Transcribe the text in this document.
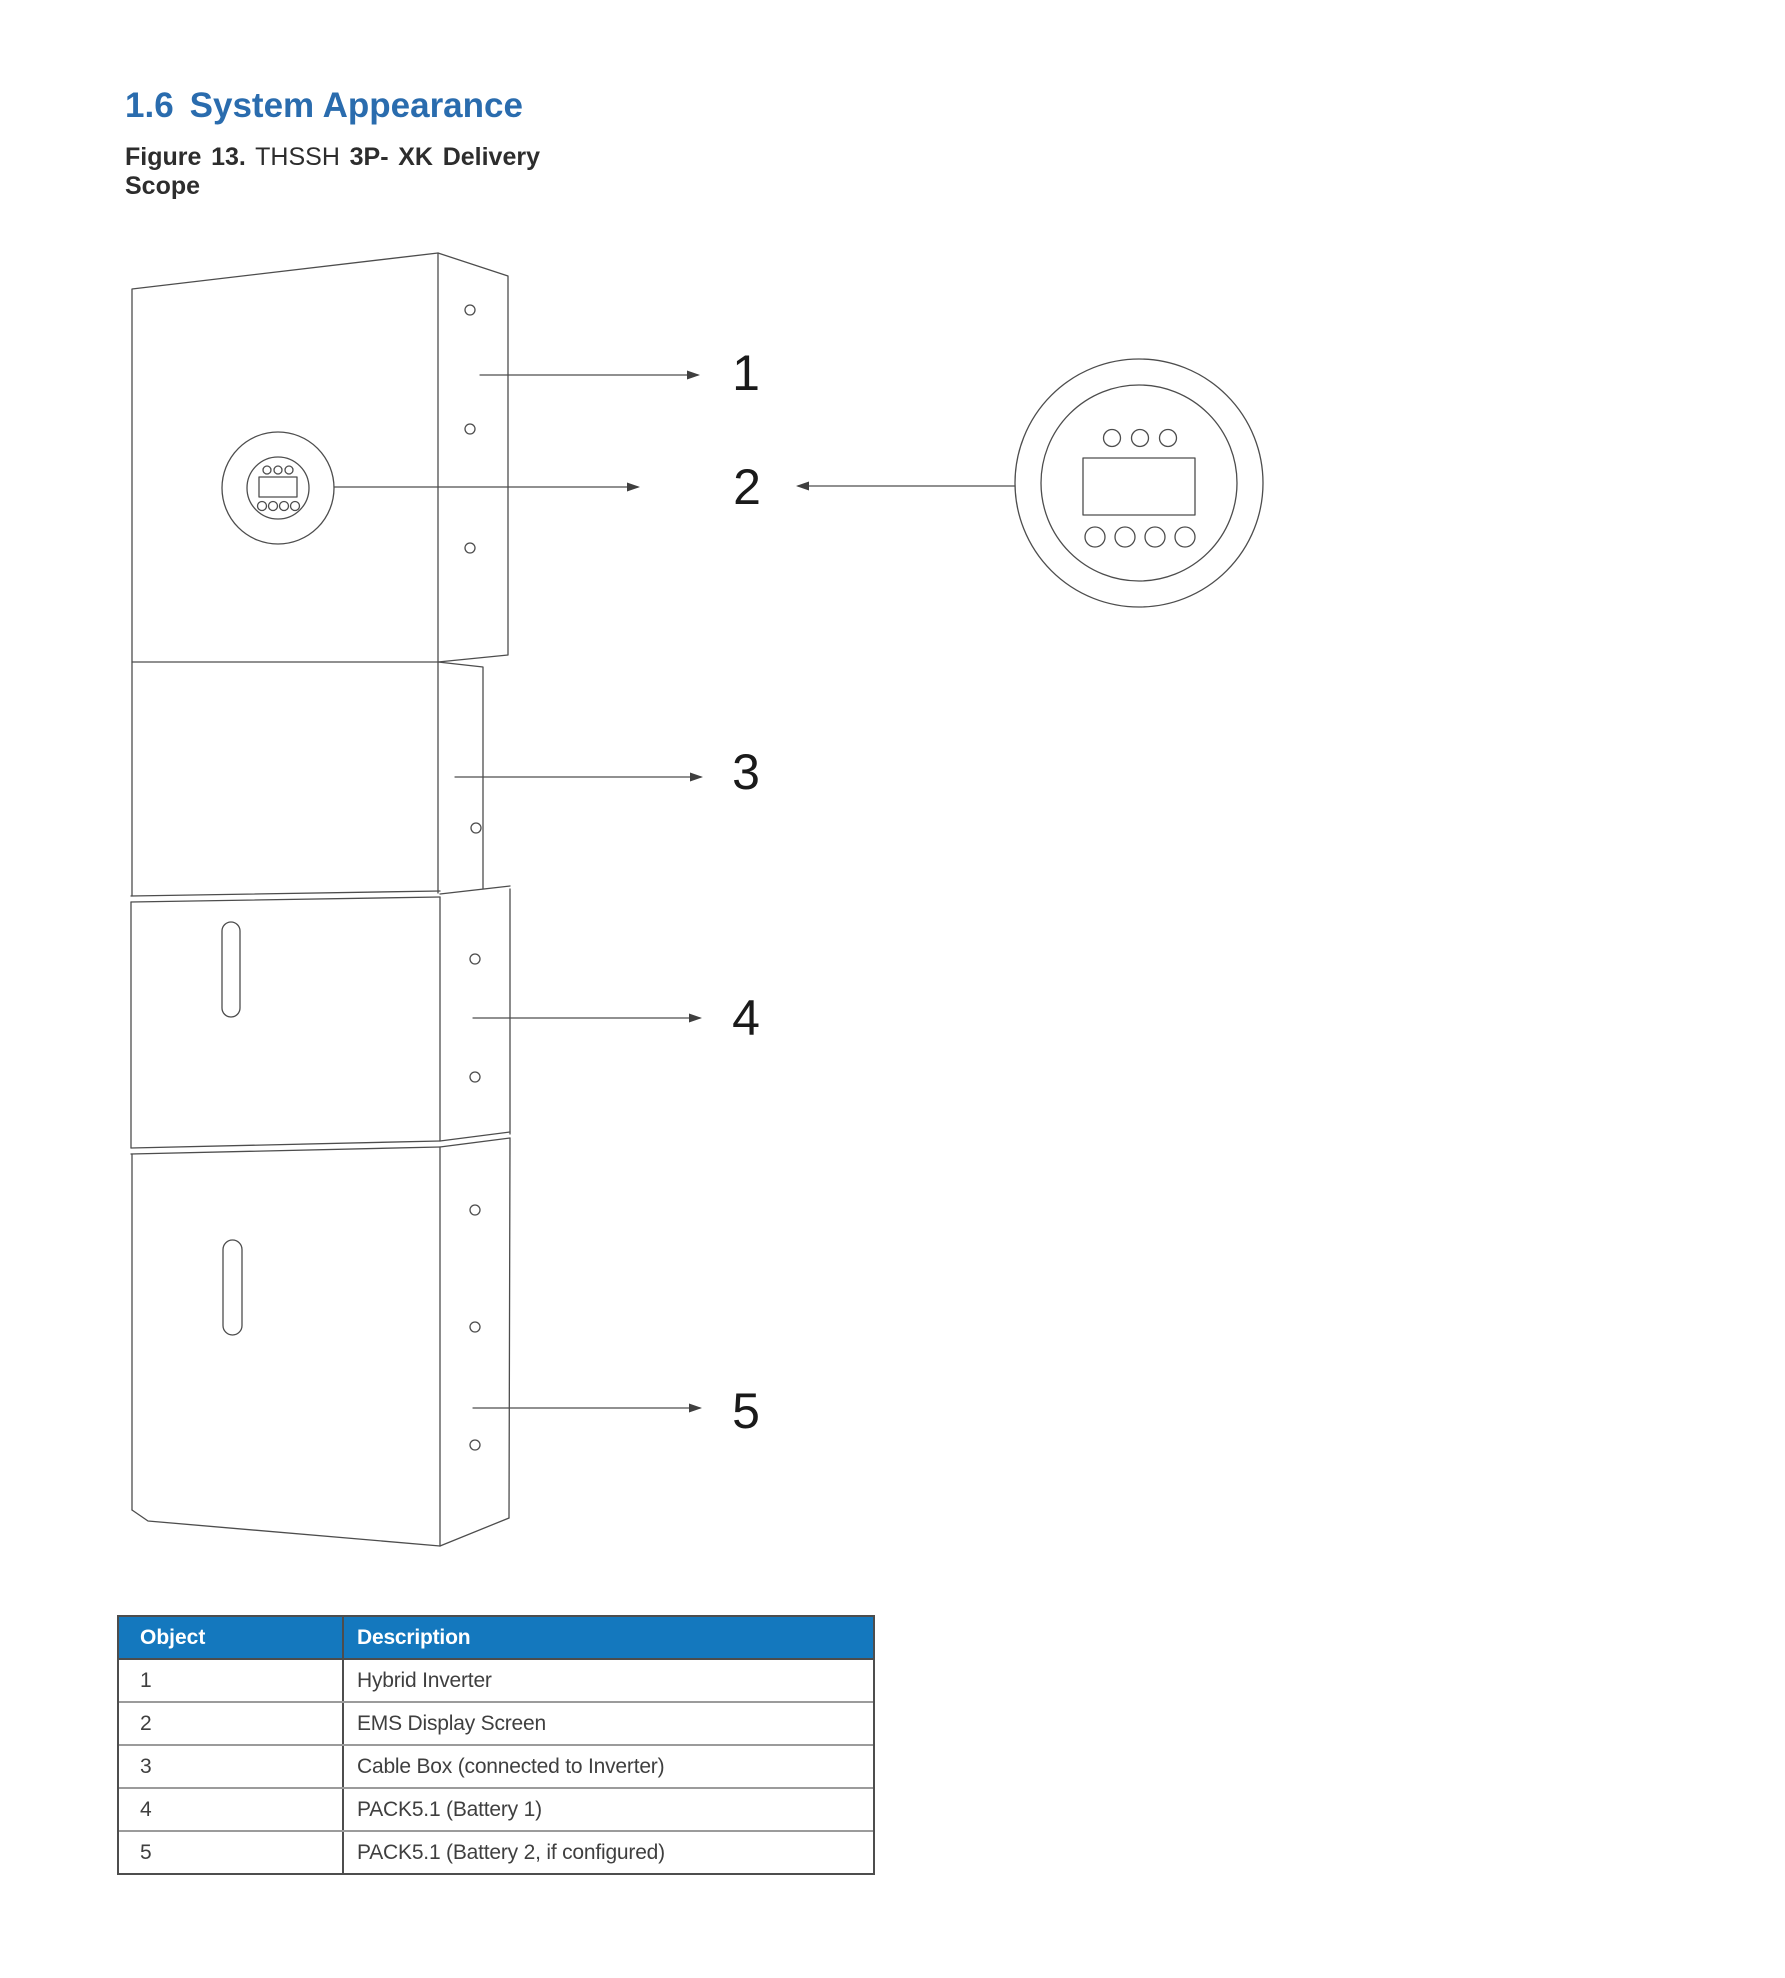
1.6 System Appearance
Figure 13. THSSH 3P- XK Delivery Scope
1
2
3
4
5
Object	Description
1	Hybrid Inverter
2	EMS Display Screen
3	Cable Box (connected to Inverter)
4	PACK5.1 (Battery 1)
5	PACK5.1 (Battery 2, if configured)
